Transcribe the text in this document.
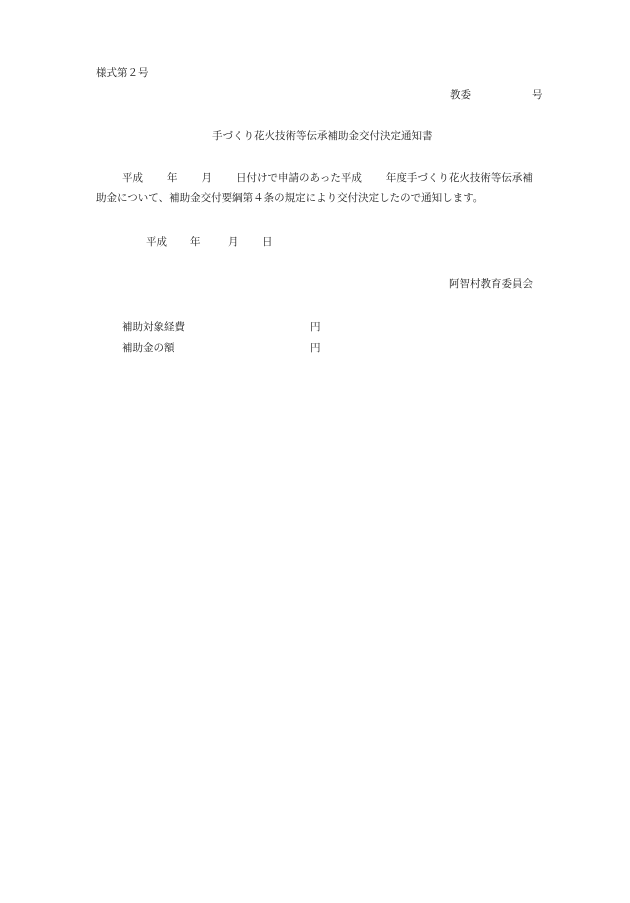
様式第２号
教委	号
手づくり花火技術等伝承補助金交付決定通知書
平成 年 月 日付けで申請のあった平成 年度手づくり花火技術等伝承補
助金について、補助金交付要綱第４条の規定により交付決定したので通知します。
平成 年	月 日
阿智村教育委員会
補助対象経費	円
補助金の額	円
